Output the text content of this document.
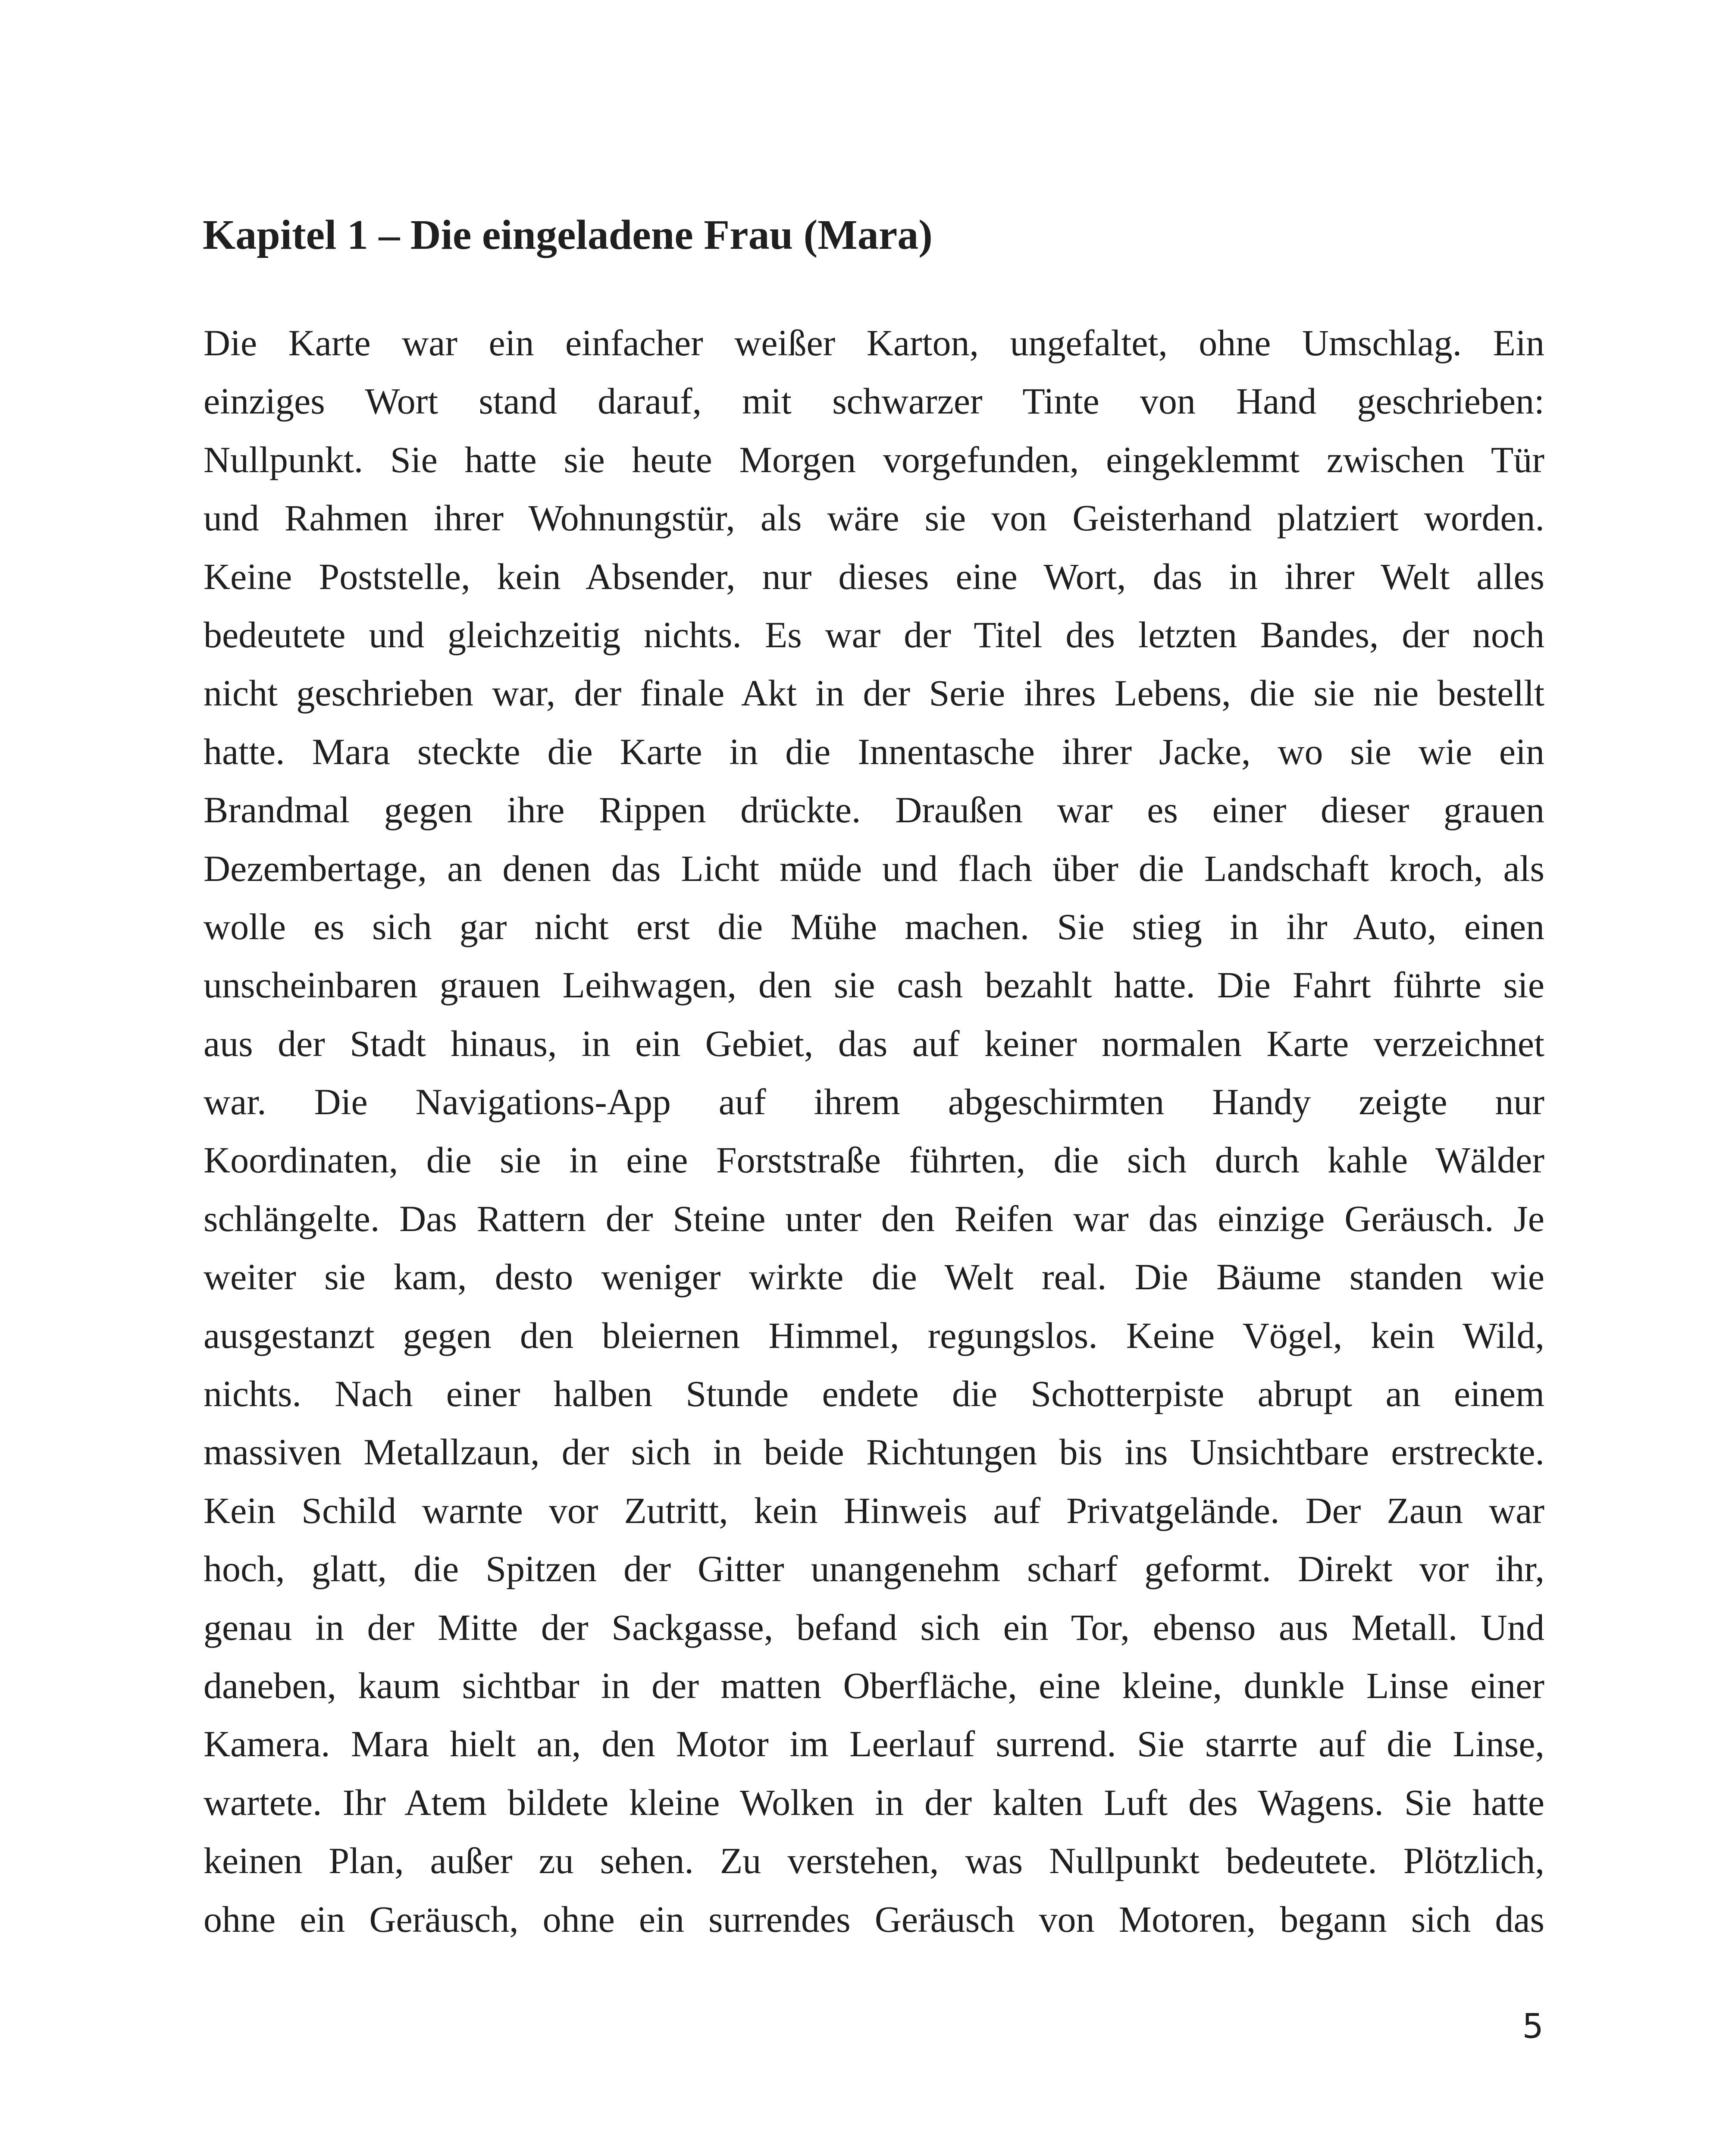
Kapitel 1 – Die eingeladene Frau (Mara)
Die Karte war ein einfacher weißer Karton, ungefaltet, ohne Umschlag. Ein
einziges Wort stand darauf, mit schwarzer Tinte von Hand geschrieben:
Nullpunkt. Sie hatte sie heute Morgen vorgefunden, eingeklemmt zwischen Tür
und Rahmen ihrer Wohnungstür, als wäre sie von Geisterhand platziert worden.
Keine Poststelle, kein Absender, nur dieses eine Wort, das in ihrer Welt alles
bedeutete und gleichzeitig nichts. Es war der Titel des letzten Bandes, der noch
nicht geschrieben war, der finale Akt in der Serie ihres Lebens, die sie nie bestellt
hatte. Mara steckte die Karte in die Innentasche ihrer Jacke, wo sie wie ein
Brandmal gegen ihre Rippen drückte. Draußen war es einer dieser grauen
Dezembertage, an denen das Licht müde und flach über die Landschaft kroch, als
wolle es sich gar nicht erst die Mühe machen. Sie stieg in ihr Auto, einen
unscheinbaren grauen Leihwagen, den sie cash bezahlt hatte. Die Fahrt führte sie
aus der Stadt hinaus, in ein Gebiet, das auf keiner normalen Karte verzeichnet
war. Die Navigations-App auf ihrem abgeschirmten Handy zeigte nur
Koordinaten, die sie in eine Forststraße führten, die sich durch kahle Wälder
schlängelte. Das Rattern der Steine unter den Reifen war das einzige Geräusch. Je
weiter sie kam, desto weniger wirkte die Welt real. Die Bäume standen wie
ausgestanzt gegen den bleiernen Himmel, regungslos. Keine Vögel, kein Wild,
nichts. Nach einer halben Stunde endete die Schotterpiste abrupt an einem
massiven Metallzaun, der sich in beide Richtungen bis ins Unsichtbare erstreckte.
Kein Schild warnte vor Zutritt, kein Hinweis auf Privatgelände. Der Zaun war
hoch, glatt, die Spitzen der Gitter unangenehm scharf geformt. Direkt vor ihr,
genau in der Mitte der Sackgasse, befand sich ein Tor, ebenso aus Metall. Und
daneben, kaum sichtbar in der matten Oberfläche, eine kleine, dunkle Linse einer
Kamera. Mara hielt an, den Motor im Leerlauf surrend. Sie starrte auf die Linse,
wartete. Ihr Atem bildete kleine Wolken in der kalten Luft des Wagens. Sie hatte
keinen Plan, außer zu sehen. Zu verstehen, was Nullpunkt bedeutete. Plötzlich,
ohne ein Geräusch, ohne ein surrendes Geräusch von Motoren, begann sich das
5
